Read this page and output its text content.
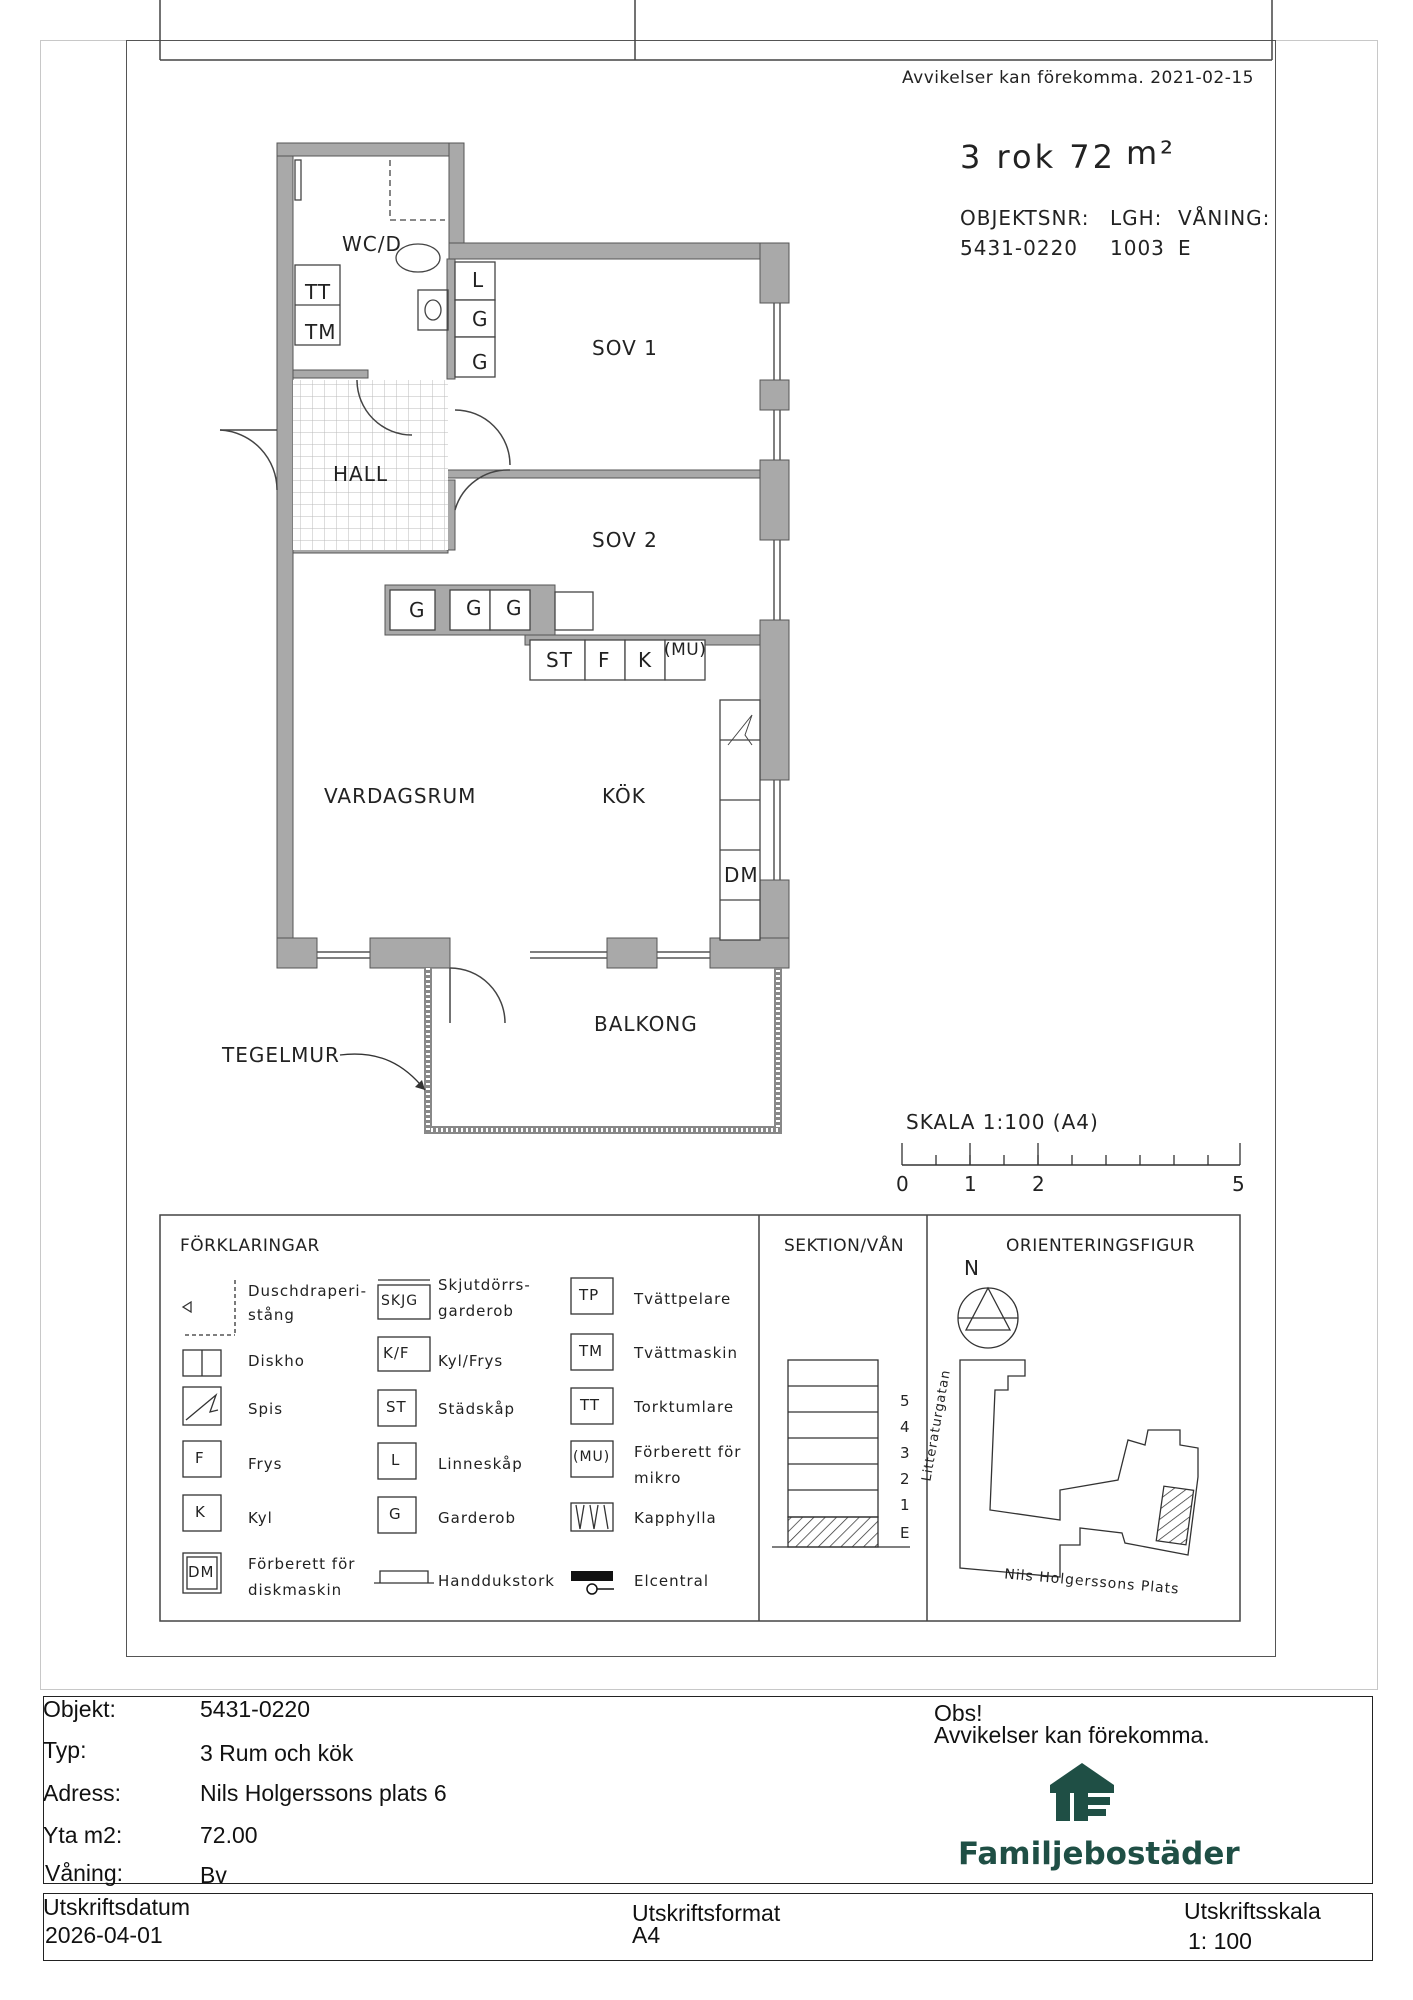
Avvikelser kan förekomma. 2021-02-15
3 rok 72 m²
OBJEKTSNR:
5431-0220
LGH:
1003
VÅNING:
E
WC/D
TT
TM
HALL
SOV 1
SOV 2
VARDAGSRUM	KÖK
BALKONG
TEGELMUR
L
G
G
G G G
ST F K (MU)
DM
SKALA 1:100 (A4)
0	1	2	5
FÖRKLARINGAR
Duschdraperi-
stång
Diskho
Spis
F	Frys
K	Kyl
DM Förberett för
diskmaskin
SKJG
Skjutdörrs-
garderob
K/F Kyl/Frys
ST Städskåp
L	Linneskåp
G Garderob
Handdukstork
TP Tvättpelare
TM Tvättmaskin
TT Torktumlare
(MU) Förberett för
mikro
Kapphylla
Elcentral
SEKTION/VÅN
5
4
3
2
1
E
ORIENTERINGSFIGUR
N
Litteraturgatan
Nils Holgerssons Plats
Objekt:	5431-0220
Typ:	3 Rum och kök
Adress:	Nils Holgerssons plats 6
Yta m2:	72.00
Våning:	Bv
Obs!
Avvikelser kan förekomma.
Familjebostäder
Utskriftsdatum
2026-04-01
Utskriftsformat
A4
Utskriftsskala
1: 100
